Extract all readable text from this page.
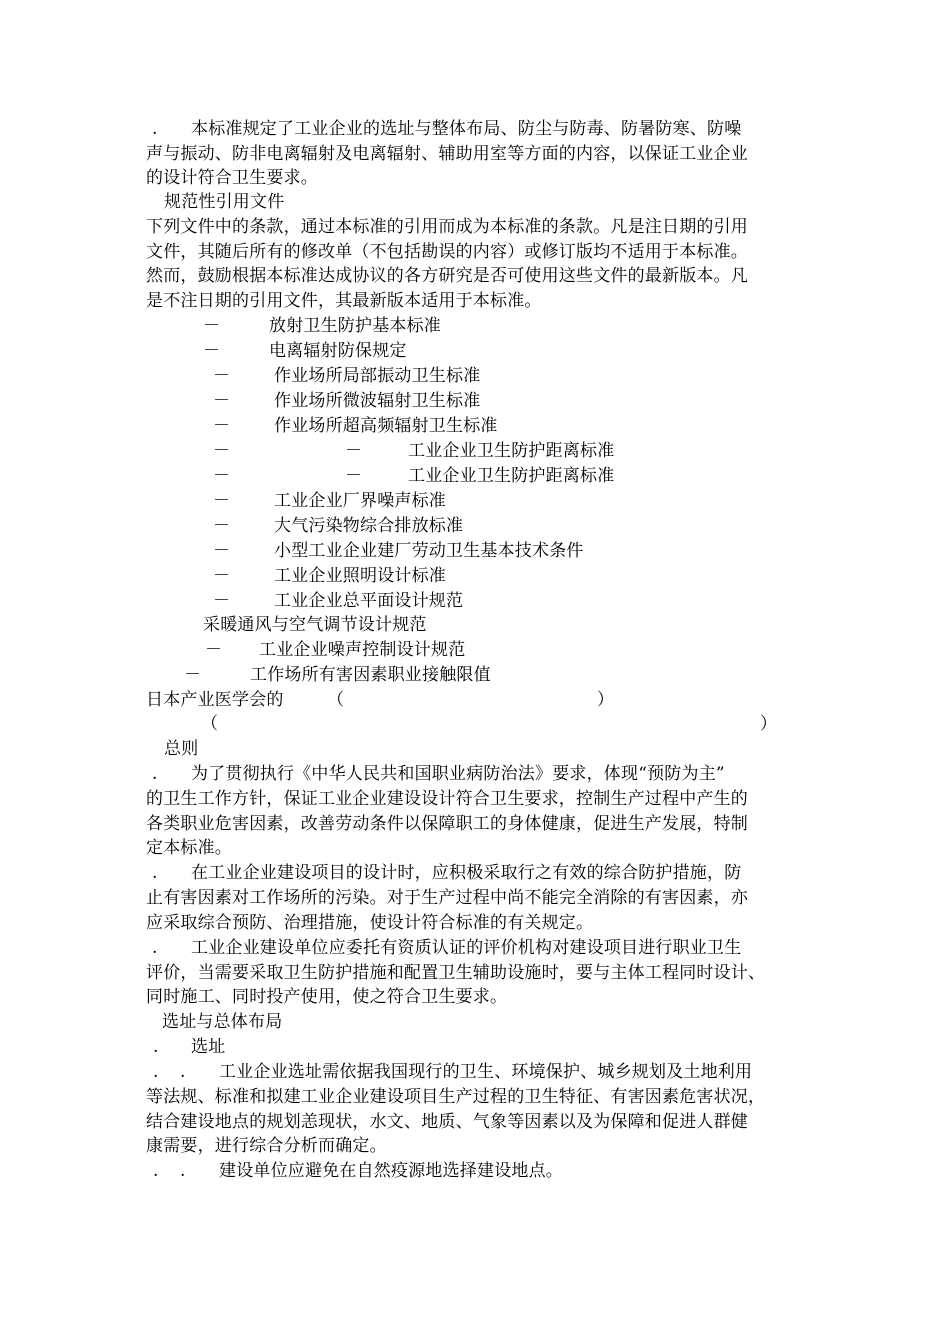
. 本标准规定了工业企业的选址与整体布局、防尘与防毒、防暑防寒、防噪
声与振动、防非电离辐射及电离辐射、辅助用室等方面的内容，以保证工业企业
的设计符合卫生要求。
规范性引用文件
下列文件中的条款，通过本标准的引用而成为本标准的条款。凡是注日期的引用
文件，其随后所有的修改单（不包括勘误的内容）或修订版均不适用于本标准。
然而，鼓励根据本标准达成协议的各方研究是否可使用这些文件的最新版本。凡
是不注日期的引用文件，其最新版本适用于本标准。
－	放射卫生防护基本标准
－	电离辐射防保规定
－	作业场所局部振动卫生标准
－	作业场所微波辐射卫生标准
－	作业场所超高频辐射卫生标准
－	－	工业企业卫生防护距离标准
－	－	工业企业卫生防护距离标准
－	工业企业厂界噪声标准
－	大气污染物综合排放标准
－	小型工业企业建厂劳动卫生基本技术条件
－	工业企业照明设计标准
－	工业企业总平面设计规范
采暖通风与空气调节设计规范
－ 工业企业噪声控制设计规范
－	工作场所有害因素职业接触限值
日本产业医学会的	（	）
（	）
总则
. 为了贯彻执行《中华人民共和国职业病防治法》要求，体现“预防为主”
的卫生工作方针，保证工业企业建设设计符合卫生要求，控制生产过程中产生的
各类职业危害因素，改善劳动条件以保障职工的身体健康，促进生产发展，特制
定本标准。
. 在工业企业建设项目的设计时，应积极采取行之有效的综合防护措施，防
止有害因素对工作场所的污染。对于生产过程中尚不能完全消除的有害因素，亦
应采取综合预防、治理措施，使设计符合标准的有关规定。
. 工业企业建设单位应委托有资质认证的评价机构对建设项目进行职业卫生
评价，当需要采取卫生防护措施和配置卫生辅助设施时，要与主体工程同时设计、
同时施工、同时投产使用，使之符合卫生要求。
选址与总体布局
. 选址
.    . 工业企业选址需依据我国现行的卫生、环境保护、城乡规划及土地利用
等法规、标准和拟建工业企业建设项目生产过程的卫生特征、有害因素危害状况，
结合建设地点的规划恙现状，水文、地质、气象等因素以及为保障和促进人群健
康需要，进行综合分析而确定。
.    . 建设单位应避免在自然疫源地选择建设地点。
